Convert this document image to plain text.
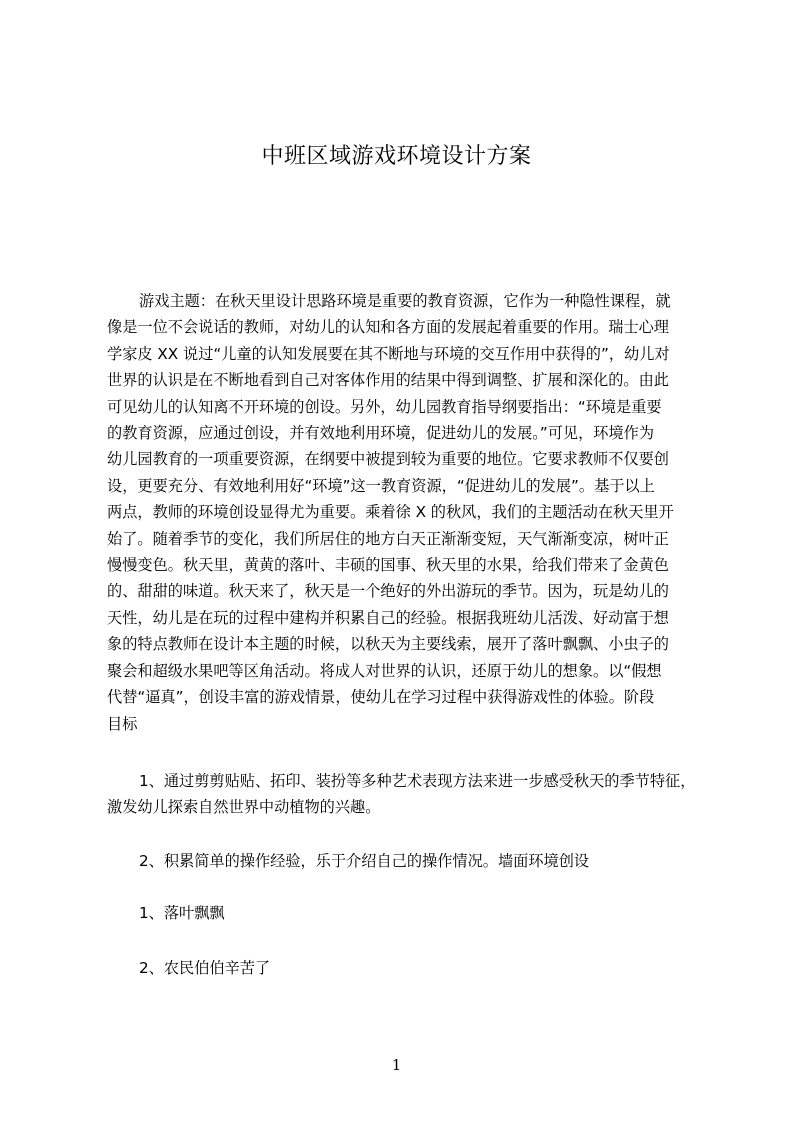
中班区域游戏环境设计方案

游戏主题：在秋天里设计思路环境是重要的教育资源，它作为一种隐性课程，就
像是一位不会说话的教师，对幼儿的认知和各方面的发展起着重要的作用。瑞士心理
学家皮 XX 说过“儿童的认知发展要在其不断地与环境的交互作用中获得的”，幼儿对
世界的认识是在不断地看到自己对客体作用的结果中得到调整、扩展和深化的。由此
可见幼儿的认知离不开环境的创设。另外，幼儿园教育指导纲要指出：“环境是重要
的教育资源，应通过创设，并有效地利用环境，促进幼儿的发展。”可见，环境作为
幼儿园教育的一项重要资源，在纲要中被提到较为重要的地位。它要求教师不仅要创
设，更要充分、有效地利用好“环境”这一教育资源，“促进幼儿的发展”。基于以上
两点，教师的环境创设显得尤为重要。乘着徐 X 的秋风，我们的主题活动在秋天里开
始了。随着季节的变化，我们所居住的地方白天正渐渐变短，天气渐渐变凉，树叶正
慢慢变色。秋天里，黄黄的落叶、丰硕的国事、秋天里的水果，给我们带来了金黄色
的、甜甜的味道。秋天来了，秋天是一个绝好的外出游玩的季节。因为，玩是幼儿的
天性，幼儿是在玩的过程中建构并积累自己的经验。根据我班幼儿活泼、好动富于想
象的特点教师在设计本主题的时候，以秋天为主要线索，展开了落叶飘飘、小虫子的
聚会和超级水果吧等区角活动。将成人对世界的认识，还原于幼儿的想象。以“假想
代替“逼真”，创设丰富的游戏情景，使幼儿在学习过程中获得游戏性的体验。阶段
目标

1、通过剪剪贴贴、拓印、装扮等多种艺术表现方法来进一步感受秋天的季节特征，
激发幼儿探索自然世界中动植物的兴趣。

2、积累简单的操作经验，乐于介绍自己的操作情况。墙面环境创设

1、落叶飘飘

2、农民伯伯辛苦了

1
